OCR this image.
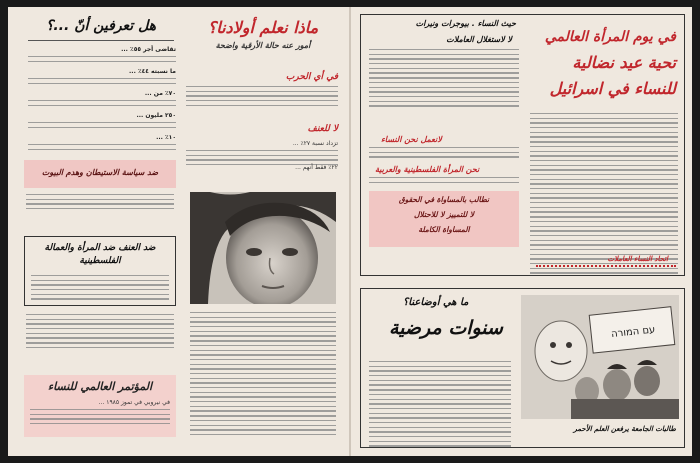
هل تعرفين أنّ ...؟

تقاضى أجر ٥٥٪ ...

ما نسبته ٤٤٪ ...

٧٠٪ من ...

٢٥٠ مليون ...

١٠٪ ...

ضد سياسة الاستيطان وهدم البيوت

ضد العنف ضد المرأة والعمالة الفلسطينية

المؤتمر العالمي للنساء

في نيروبي في تموز ١٩٨٥ ...

ماذا نعلم أولادنا؟

أمور عنه حالة الأرقية واضحة

في أي الحرب

لا للعنف

تزداد نسبة ٢٧٪ ...

٢٢٪ فقط أنهم ...

في يوم المرأة العالمي

تحية عيد نضالية

للنساء في اسرائيل

حيث النساء . بيوجرات ونيرات

لا لاستغلال العاملات

لانعمل نحن النساء

نحن المرأة الفلسطينية والعربية

نطالب بالمساواة في الحقوق

لا للتمييز لا للاحتلال

المساواة الكاملة

اتحاد النساء العاملات

ما هي أوضاعنا؟

سنوات مرضية	עם המורה

طالبات الجامعة يرفعن العلم الأحمر
